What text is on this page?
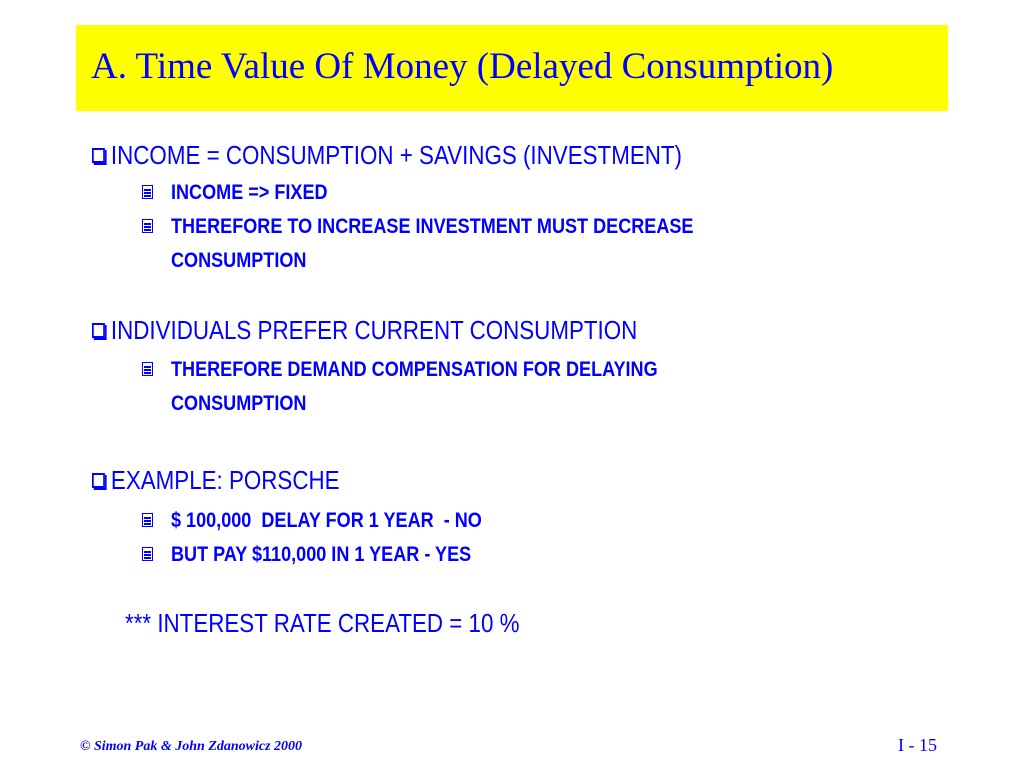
A. Time Value Of Money (Delayed Consumption)
INCOME = CONSUMPTION + SAVINGS (INVESTMENT)
INCOME => FIXED
THEREFORE TO INCREASE INVESTMENT MUST DECREASE
CONSUMPTION
INDIVIDUALS PREFER CURRENT CONSUMPTION
THEREFORE DEMAND COMPENSATION FOR DELAYING
CONSUMPTION
EXAMPLE: PORSCHE
$ 100,000  DELAY FOR 1 YEAR  - NO
BUT PAY $110,000 IN 1 YEAR - YES
*** INTEREST RATE CREATED = 10 %
© Simon Pak & John Zdanowicz 2000	I - 15
